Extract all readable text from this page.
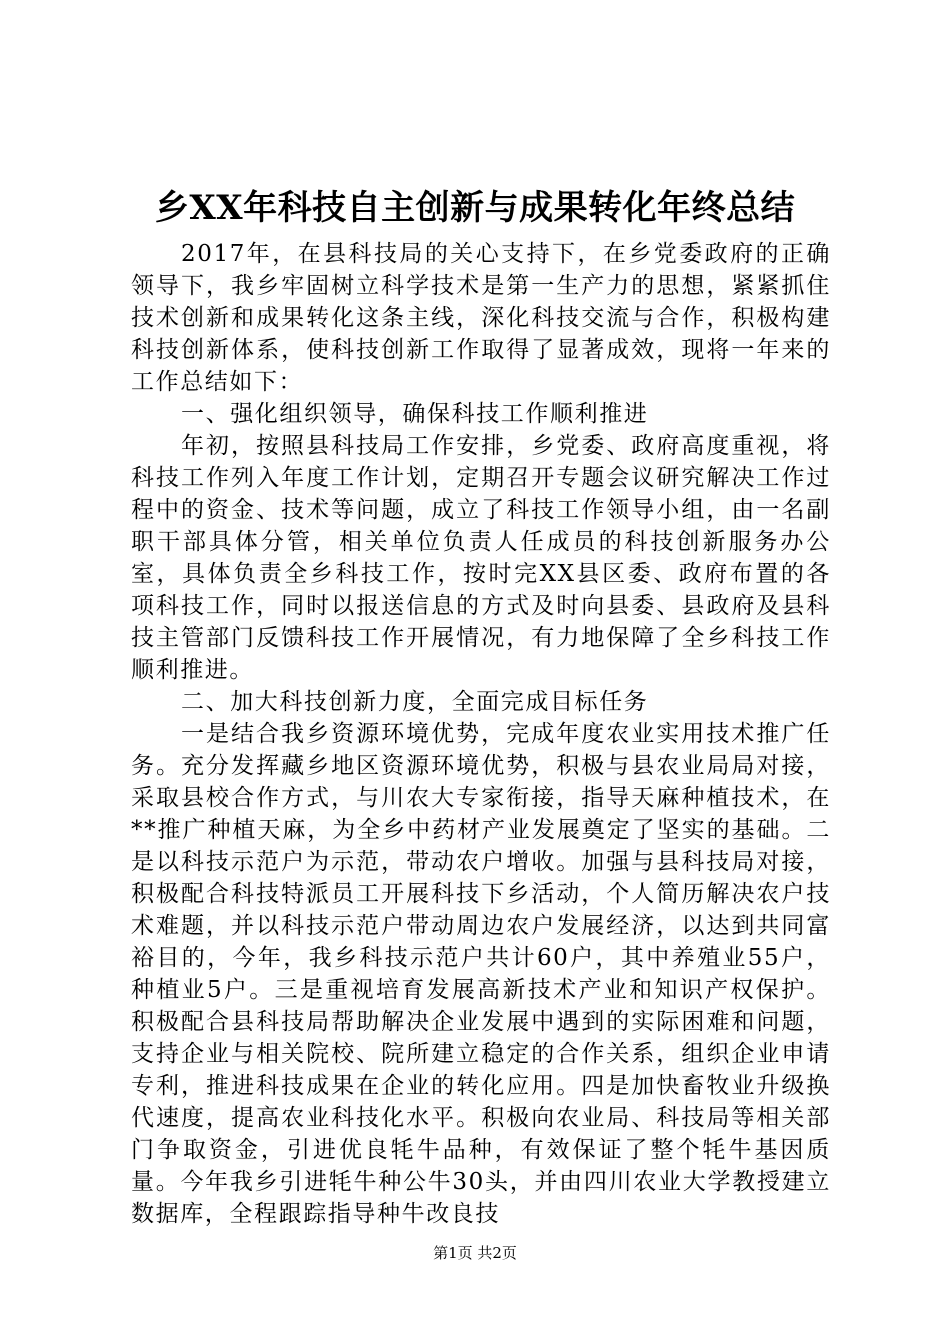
乡XX年科技自主创新与成果转化年终总结

2017年，在县科技局的关心支持下，在乡党委政府的正确领导下，我乡牢固树立科学技术是第一生产力的思想，紧紧抓住技术创新和成果转化这条主线，深化科技交流与合作，积极构建科技创新体系，使科技创新工作取得了显著成效，现将一年来的工作总结如下：

一、强化组织领导，确保科技工作顺利推进

年初，按照县科技局工作安排，乡党委、政府高度重视，将科技工作列入年度工作计划，定期召开专题会议研究解决工作过程中的资金、技术等问题，成立了科技工作领导小组，由一名副职干部具体分管，相关单位负责人任成员的科技创新服务办公室，具体负责全乡科技工作，按时完XX县区委、政府布置的各项科技工作，同时以报送信息的方式及时向县委、县政府及县科技主管部门反馈科技工作开展情况，有力地保障了全乡科技工作顺利推进。

二、加大科技创新力度，全面完成目标任务

一是结合我乡资源环境优势，完成年度农业实用技术推广任务。充分发挥藏乡地区资源环境优势，积极与县农业局局对接，采取县校合作方式，与川农大专家衔接，指导天麻种植技术，在**推广种植天麻，为全乡中药材产业发展奠定了坚实的基础。二是以科技示范户为示范，带动农户增收。加强与县科技局对接，积极配合科技特派员工开展科技下乡活动，个人简历解决农户技术难题，并以科技示范户带动周边农户发展经济，以达到共同富裕目的，今年，我乡科技示范户共计60户，其中养殖业55户，种植业5户。三是重视培育发展高新技术产业和知识产权保护。积极配合县科技局帮助解决企业发展中遇到的实际困难和问题，支持企业与相关院校、院所建立稳定的合作关系，组织企业申请专利，推进科技成果在企业的转化应用。四是加快畜牧业升级换代速度，提高农业科技化水平。积极向农业局、科技局等相关部门争取资金，引进优良牦牛品种，有效保证了整个牦牛基因质量。今年我乡引进牦牛种公牛30头，并由四川农业大学教授建立数据库，全程跟踪指导种牛改良技

第1页 共2页
